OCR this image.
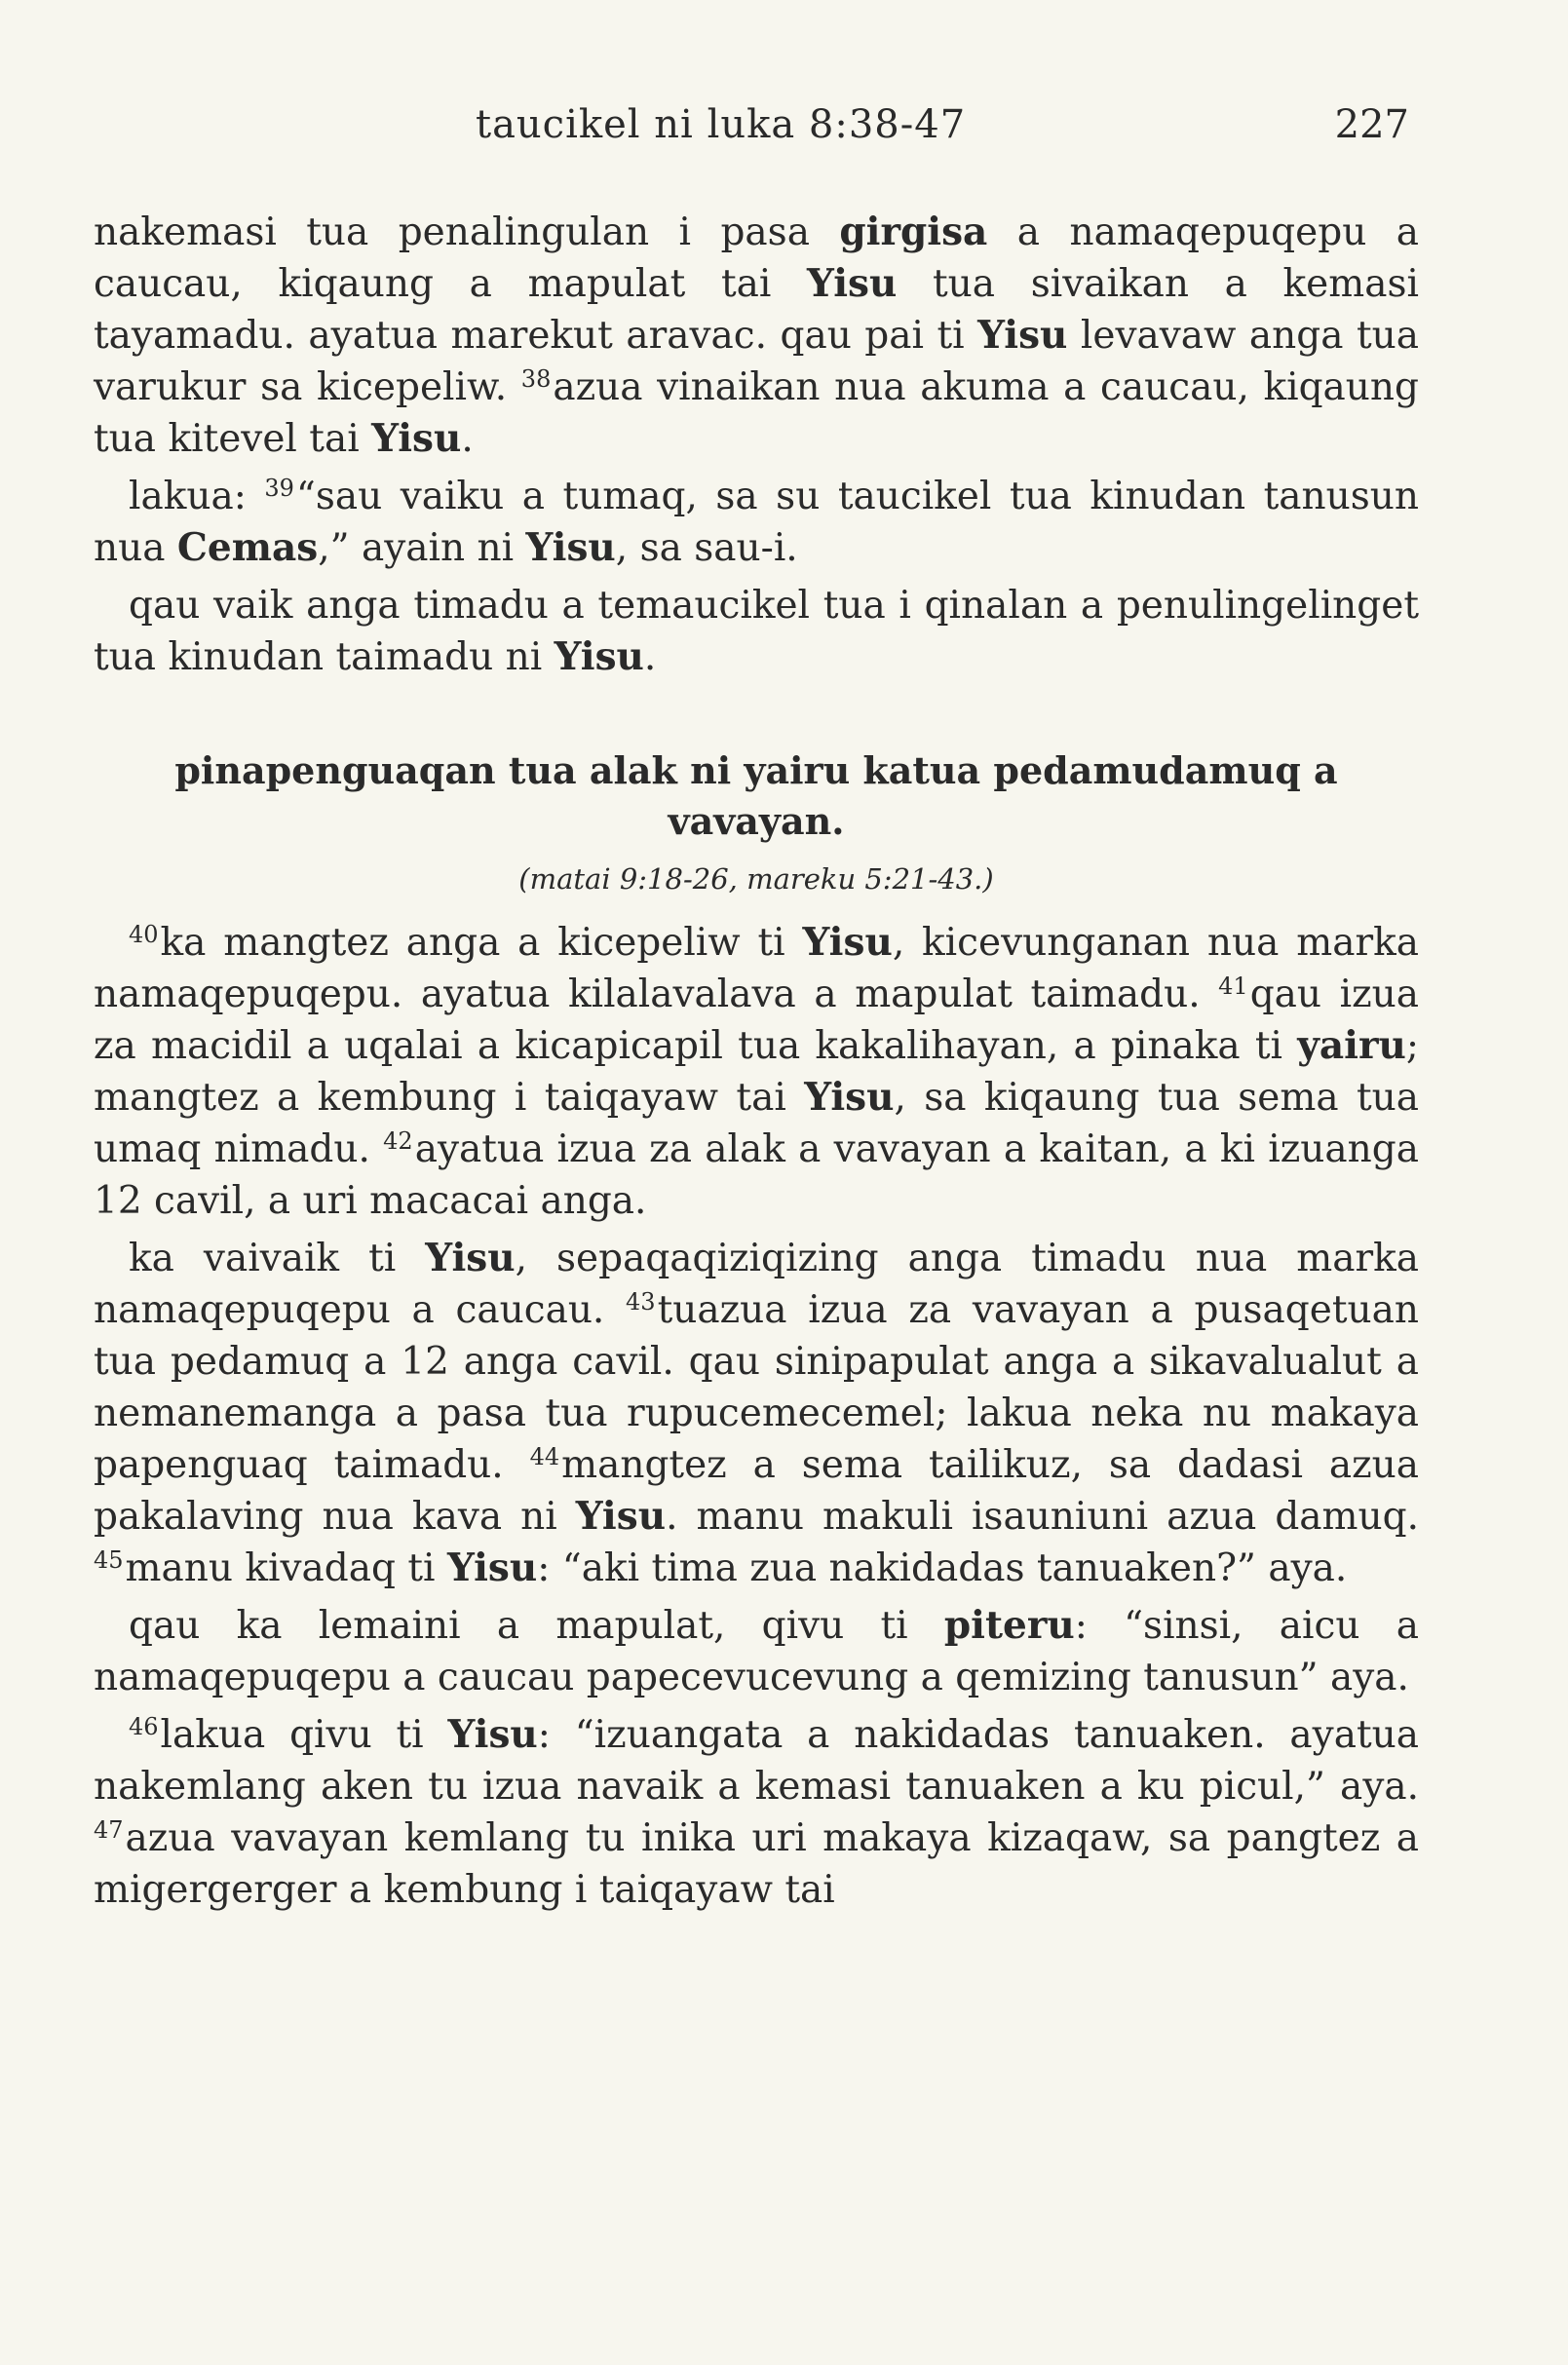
taucikel ni luka 8:38-47	227

nakemasi tua penalingulan i pasa girgisa a namaqepuqepu a caucau, kiqaung a mapulat tai Yisu tua sivaikan a kemasi tayamadu. ayatua marekut aravac. qau pai ti Yisu levavaw anga tua varukur sa kicepeliw. $^{38}$azua vinaikan nua akuma a caucau, kiqaung tua kitevel tai Yisu.

lakua: $^{39}$“sau vaiku a tumaq, sa su taucikel tua kinudan tanusun nua Cemas,” ayain ni Yisu, sa sau-i.

qau vaik anga timadu a temaucikel tua i qinalan a penulingelinget tua kinudan taimadu ni Yisu.

pinapenguaqan tua alak ni yairu katua pedamudamuq a vavayan.
(matai 9:18-26, mareku 5:21-43.)

$^{40}$ka mangtez anga a kicepeliw ti Yisu, kicevunganan nua marka namaqepuqepu. ayatua kilalavalava a mapulat taimadu. $^{41}$qau izua za macidil a uqalai a kicapicapil tua kakalihayan, a pinaka ti yairu; mangtez a kembung i taiqayaw tai Yisu, sa kiqaung tua sema tua umaq nimadu. $^{42}$ayatua izua za alak a vavayan a kaitan, a ki izuanga 12 cavil, a uri macacai anga.

ka vaivaik ti Yisu, sepaqaqiziqizing anga timadu nua marka namaqepuqepu a caucau. $^{43}$tuazua izua za vavayan a pusaqetuan tua pedamuq a 12 anga cavil. qau sinipapulat anga a sikavalualut a nemanemanga a pasa tua rupucemecemel; lakua neka nu makaya papenguaq taimadu. $^{44}$mangtez a sema tailikuz, sa dadasi azua pakalaving nua kava ni Yisu. manu makuli isauniuni azua damuq. $^{45}$manu kivadaq ti Yisu: “aki tima zua nakidadas tanuaken?” aya.

qau ka lemaini a mapulat, qivu ti piteru: “sinsi, aicu a namaqepuqepu a caucau papecevucevung a qemizing tanusun” aya.

$^{46}$lakua qivu ti Yisu: “izuangata a nakidadas tanuaken. ayatua nakemlang aken tu izua navaik a kemasi tanuaken a ku picul,” aya. $^{47}$azua vavayan kemlang tu inika uri makaya kizaqaw, sa pangtez a migergerger a kembung i taiqayaw tai
